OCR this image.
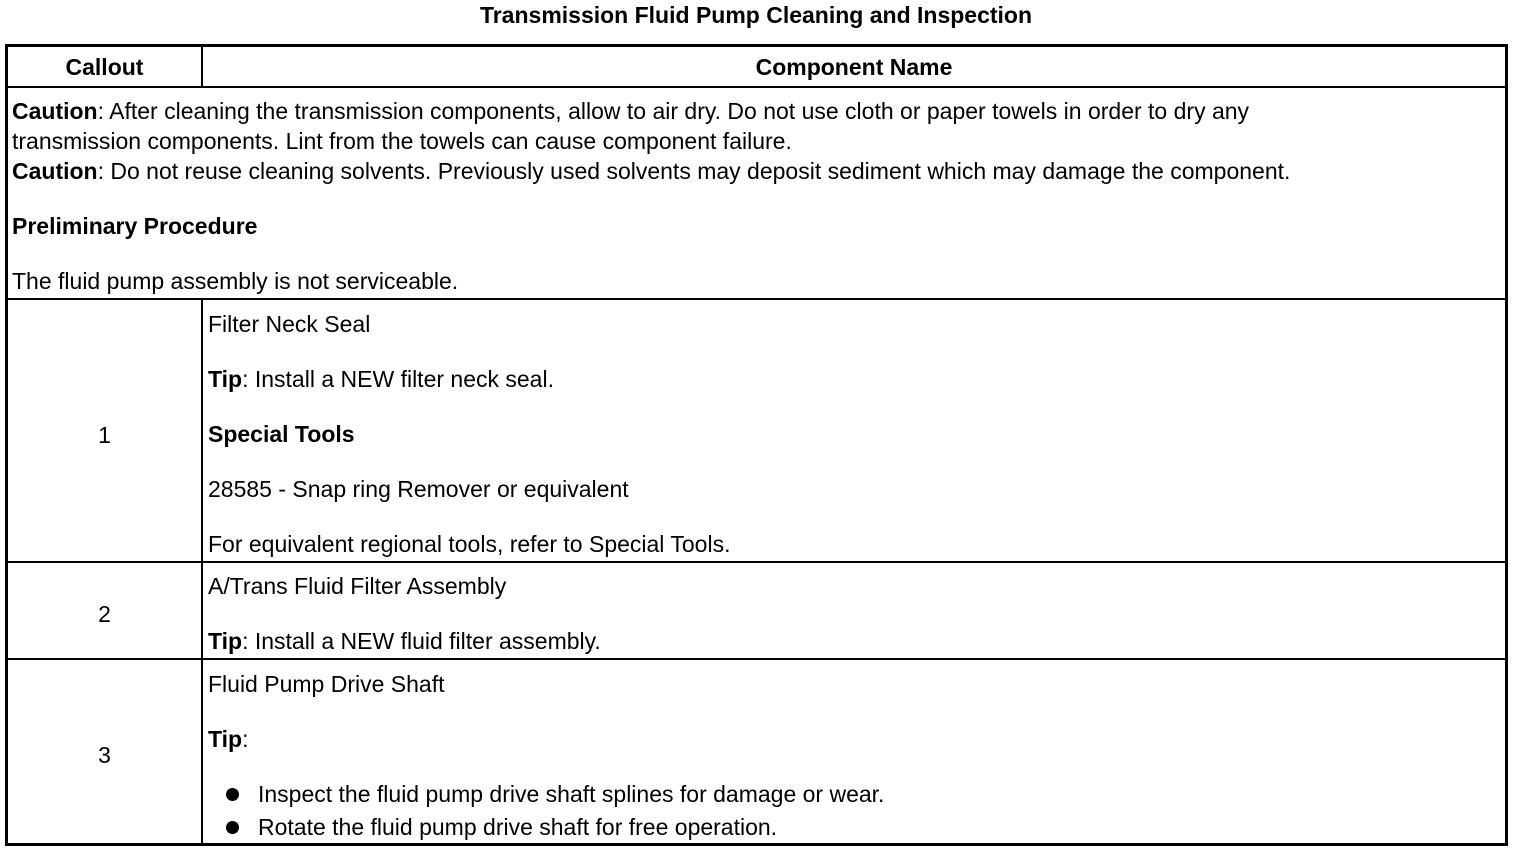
Transmission Fluid Pump Cleaning and Inspection
Callout	Component Name
Caution: After cleaning the transmission components, allow to air dry. Do not use cloth or paper towels in order to dry any
transmission components. Lint from the towels can cause component failure.
Caution: Do not reuse cleaning solvents. Previously used solvents may deposit sediment which may damage the component.
Preliminary Procedure
The fluid pump assembly is not serviceable.
1
Filter Neck Seal
Tip: Install a NEW filter neck seal.
Special Tools
28585 - Snap ring Remover or equivalent
For equivalent regional tools, refer to Special Tools.
2
A/Trans Fluid Filter Assembly
Tip: Install a NEW fluid filter assembly.
3
Fluid Pump Drive Shaft
Tip:
Inspect the fluid pump drive shaft splines for damage or wear.
Rotate the fluid pump drive shaft for free operation.
